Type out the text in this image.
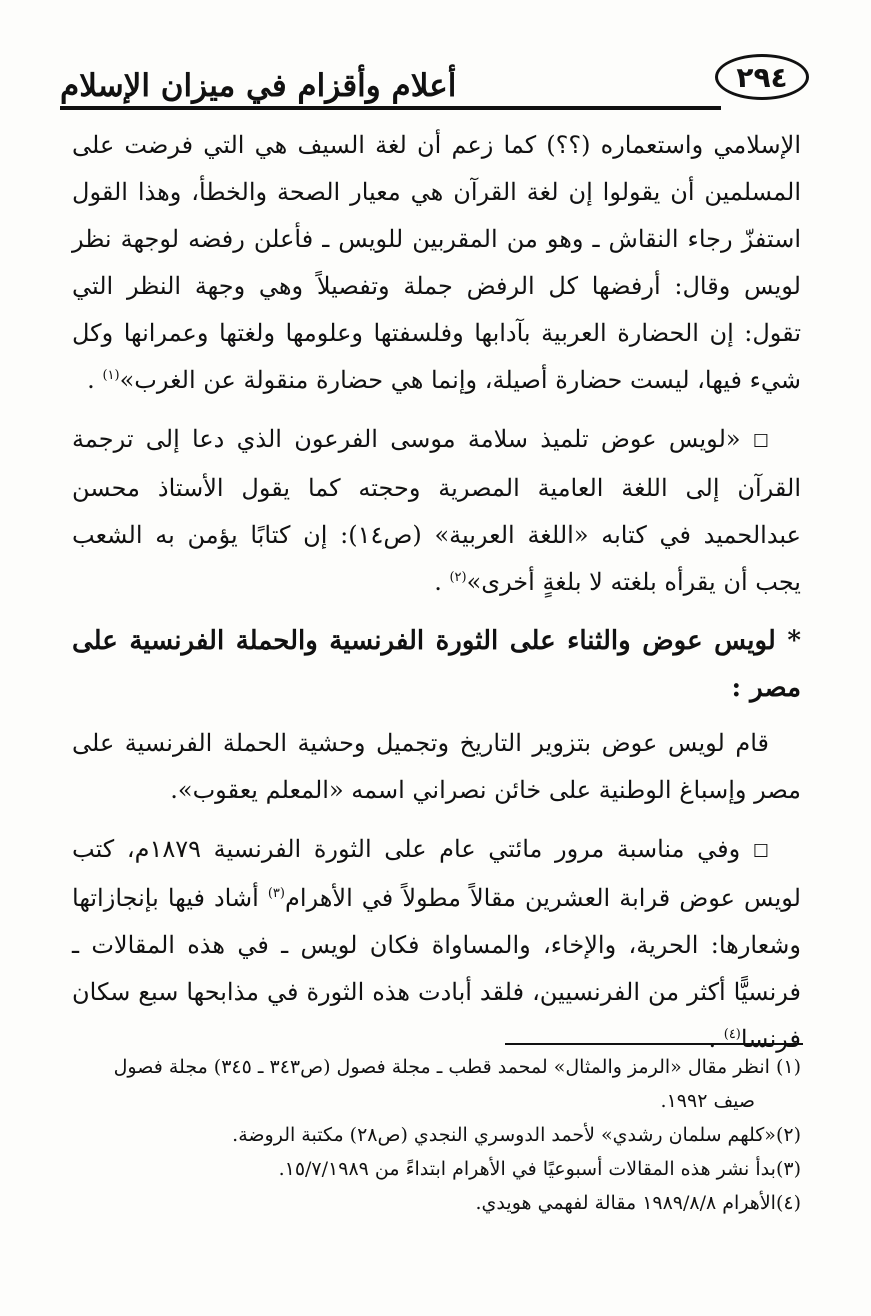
أعلام وأقزام في ميزان الإسلام	٢٩٤

الإسلامي واستعماره (؟؟) كما زعم أن لغة السيف هي التي فرضت على المسلمين أن يقولوا إن لغة القرآن هي معيار الصحة والخطأ، وهذا القول استفزّ رجاء النقاش ـ وهو من المقربين للويس ـ فأعلن رفضه لوجهة نظر لويس وقال: أرفضها كل الرفض جملة وتفصيلاً وهي وجهة النظر التي تقول: إن الحضارة العربية بآدابها وفلسفتها وعلومها ولغتها وعمرانها وكل شيء فيها، ليست حضارة أصيلة، وإنما هي حضارة منقولة عن الغرب»$^{(١)}$ .

☐ «لويس عوض تلميذ سلامة موسى الفرعون الذي دعا إلى ترجمة القرآن إلى اللغة العامية المصرية وحجته كما يقول الأستاذ محسن عبدالحميد في كتابه «اللغة العربية» (ص١٤): إن كتابًا يؤمن به الشعب يجب أن يقرأه بلغته لا بلغةٍ أخرى»$^{(٢)}$ .

* لويس عوض والثناء على الثورة الفرنسية والحملة الفرنسية على مصر :

قام لويس عوض بتزوير التاريخ وتجميل وحشية الحملة الفرنسية على مصر وإسباغ الوطنية على خائن نصراني اسمه «المعلم يعقوب».

☐ وفي مناسبة مرور مائتي عام على الثورة الفرنسية ١٨٧٩م، كتب لويس عوض قرابة العشرين مقالاً مطولاً في الأهرام$^{(٣)}$ أشاد فيها بإنجازاتها وشعارها: الحرية، والإخاء، والمساواة فكان لويس ـ في هذه المقالات ـ فرنسيًّا أكثر من الفرنسيين، فلقد أبادت هذه الثورة في مذابحها سبع سكان فرنسا$^{(٤)}$ .

(١) انظر مقال «الرمز والمثال» لمحمد قطب ـ مجلة فصول (ص٣٤٣ ـ ٣٤٥) مجلة فصول

صيف ١٩٩٢.

(٢)«كلهم سلمان رشدي» لأحمد الدوسري النجدي (ص٢٨) مكتبة الروضة.

(٣)بدأ نشر هذه المقالات أسبوعيًا في الأهرام ابتداءً من ١٥/٧/١٩٨٩.

(٤)الأهرام ١٩٨٩/٨/٨ مقالة لفهمي هويدي.
